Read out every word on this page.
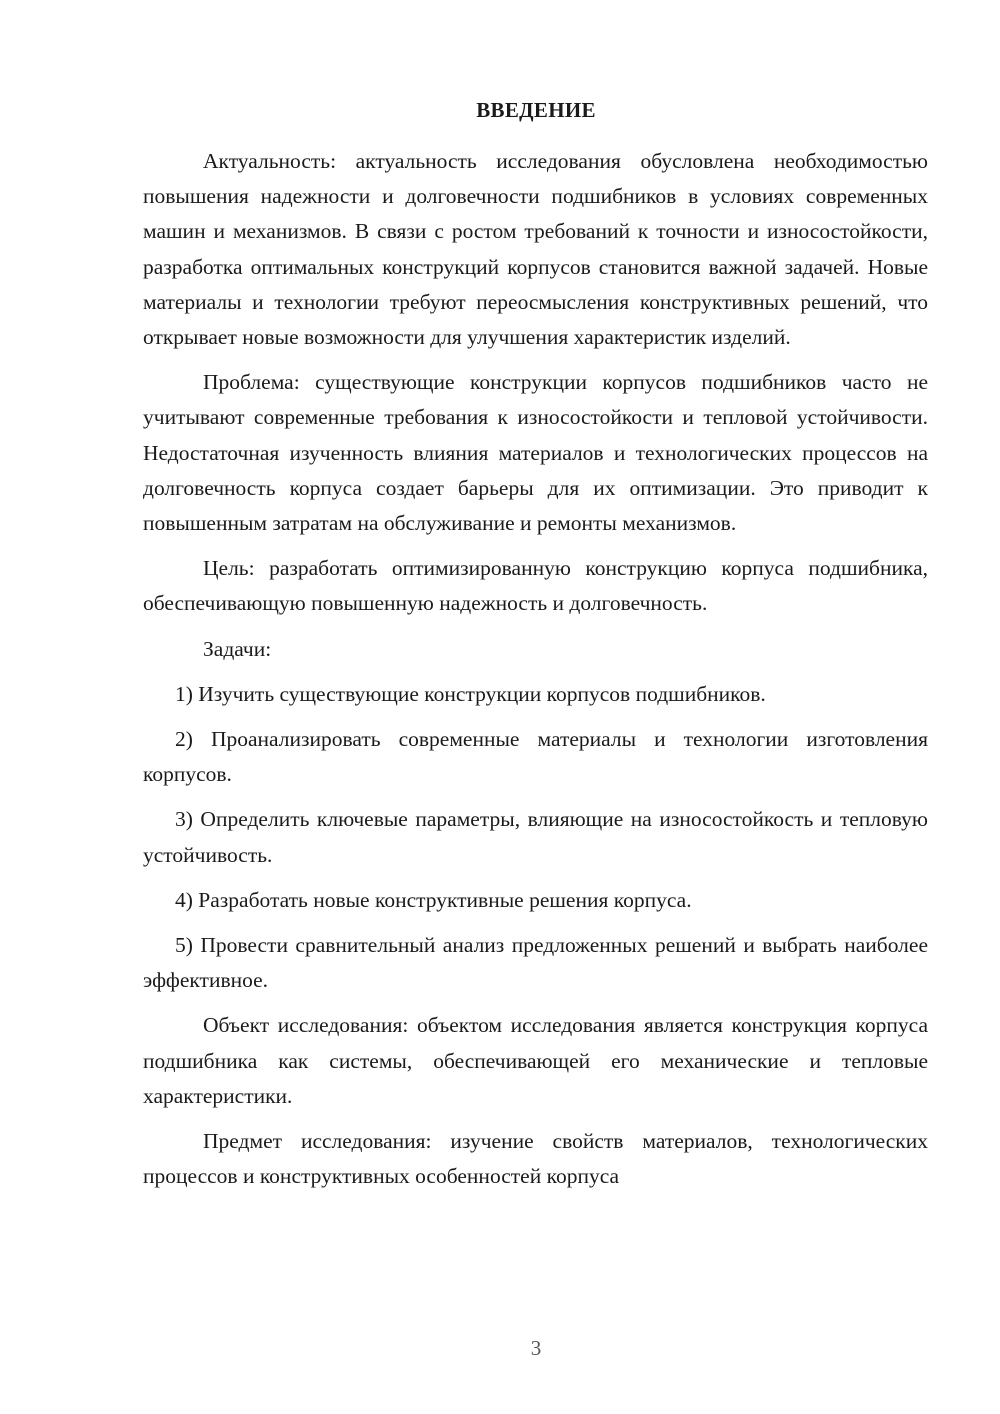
ВВЕДЕНИЕ

Актуальность: актуальность исследования обусловлена необходимостью повышения надежности и долговечности подшибников в условиях современных машин и механизмов. В связи с ростом требований к точности и износостойкости, разработка оптимальных конструкций корпусов становится важной задачей. Новые материалы и технологии требуют переосмысления конструктивных решений, что открывает новые возможности для улучшения характеристик изделий.

Проблема: существующие конструкции корпусов подшибников часто не учитывают современные требования к износостойкости и тепловой устойчивости. Недостаточная изученность влияния материалов и технологических процессов на долговечность корпуса создает барьеры для их оптимизации. Это приводит к повышенным затратам на обслуживание и ремонты механизмов.

Цель: разработать оптимизированную конструкцию корпуса подшибника, обеспечивающую повышенную надежность и долговечность.

Задачи:

1) Изучить существующие конструкции корпусов подшибников.

2) Проанализировать современные материалы и технологии изготовления корпусов.

3) Определить ключевые параметры, влияющие на износостойкость и тепловую устойчивость.

4) Разработать новые конструктивные решения корпуса.

5) Провести сравнительный анализ предложенных решений и выбрать наиболее эффективное.

Объект исследования: объектом исследования является конструкция корпуса подшибника как системы, обеспечивающей его механические и тепловые характеристики.

Предмет исследования: изучение свойств материалов, технологических процессов и конструктивных особенностей корпуса

3
